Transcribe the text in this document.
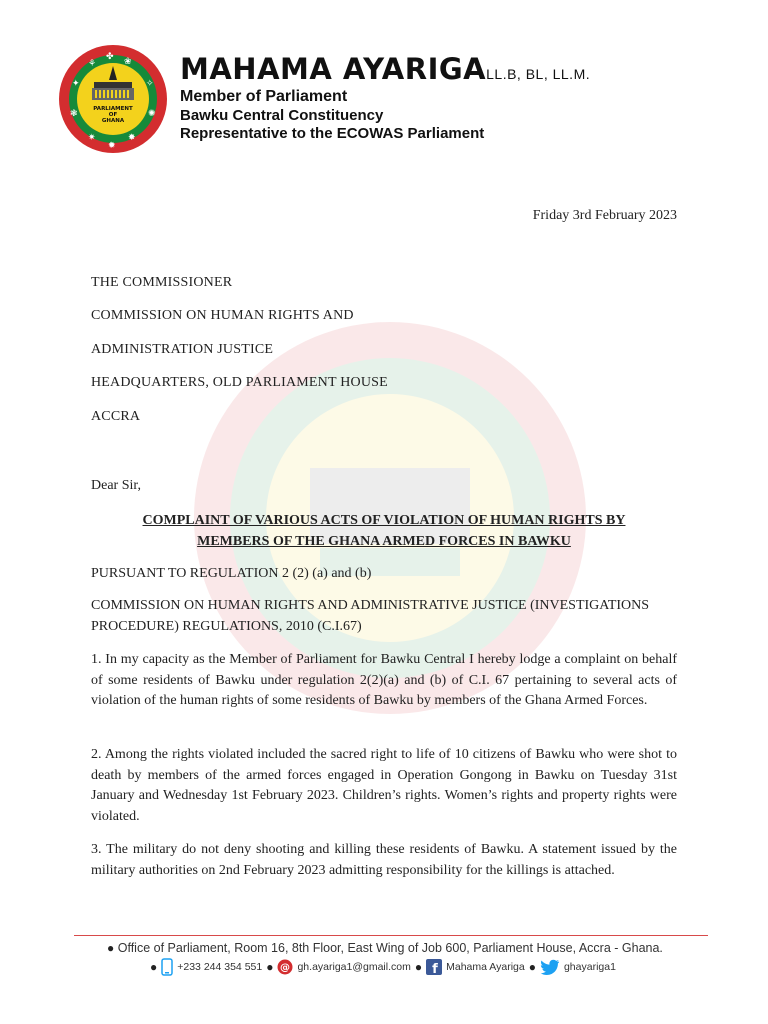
⚘
✤ ❀
✦	✧
❃	✺
✷
✹
✸
PARLIAMENT
OF
GHANA
MAHAMA AYARIGALL.B, BL, LL.M.
Member of Parliament
Bawku Central Constituency
Representative to the ECOWAS Parliament
Friday 3rd February 2023
THE COMMISSIONER
COMMISSION ON HUMAN RIGHTS AND
ADMINISTRATION JUSTICE
HEADQUARTERS, OLD PARLIAMENT HOUSE
ACCRA
Dear Sir,
COMPLAINT OF VARIOUS ACTS OF VIOLATION OF HUMAN RIGHTS BY
MEMBERS OF THE GHANA ARMED FORCES IN BAWKU
PURSUANT TO REGULATION 2 (2) (a) and (b)
COMMISSION ON HUMAN RIGHTS AND ADMINISTRATIVE JUSTICE (INVESTIGATIONS PROCEDURE) REGULATIONS, 2010 (C.I.67)
1. In my capacity as the Member of Parliament for Bawku Central I hereby lodge a complaint on behalf of some residents of Bawku under regulation 2(2)(a) and (b) of C.I. 67 pertaining to several acts of violation of the human rights of some residents of Bawku by members of the Ghana Armed Forces.
2. Among the rights violated included the sacred right to life of 10 citizens of Bawku who were shot to death by members of the armed forces engaged in Operation Gongong in Bawku on Tuesday 31st January and Wednesday 1st February 2023. Children’s rights. Women’s rights and property rights were violated.
3. The military do not deny shooting and killing these residents of Bawku. A statement issued by the military authorities on 2nd February 2023 admitting responsibility for the killings is attached.
● Office of Parliament, Room 16, 8th Floor, East Wing of Job 600, Parliament House, Accra - Ghana.
● +233 244 354 551 ● @ gh.ayariga1@gmail.com ● f Mahama Ayariga ●	ghayariga1
